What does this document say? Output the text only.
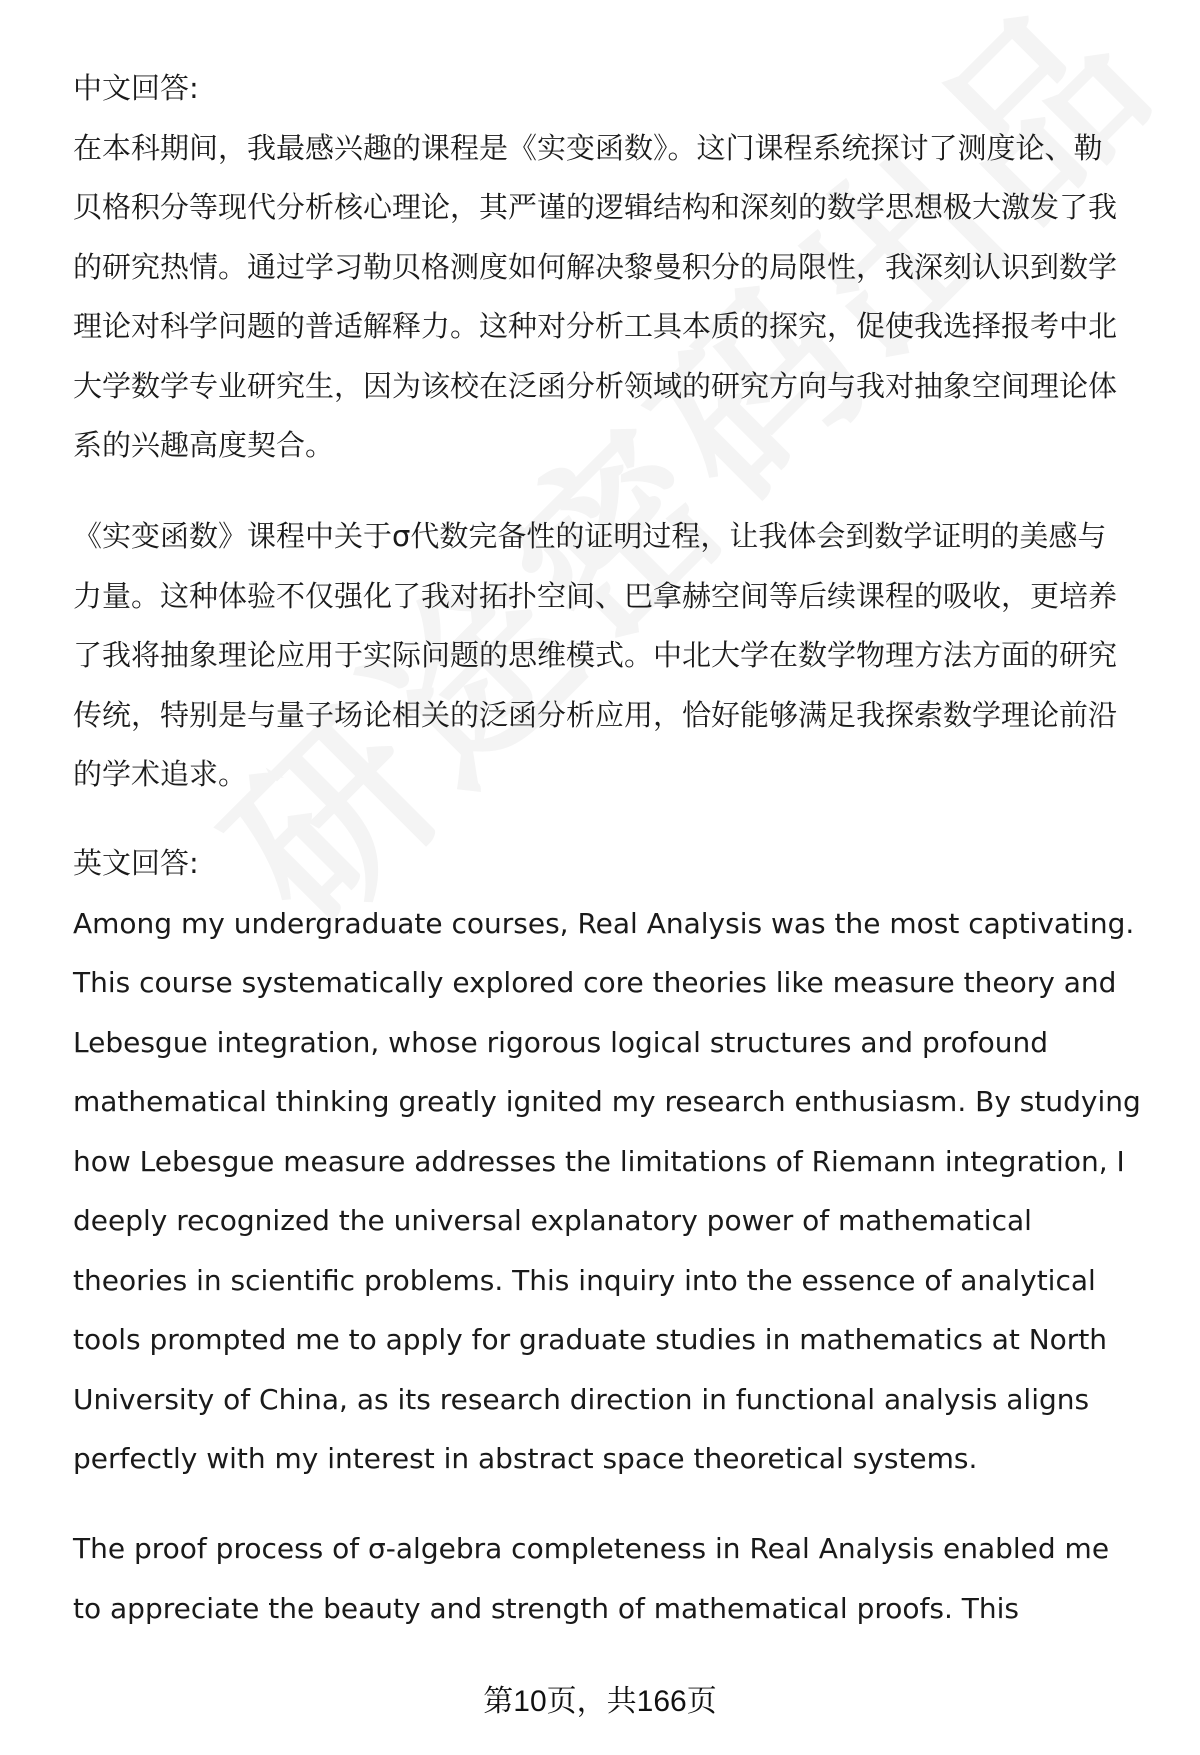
中文回答:
在本科期间，我最感兴趣的课程是《实变函数》。这门课程系统探讨了测度论、勒
贝格积分等现代分析核心理论，其严谨的逻辑结构和深刻的数学思想极大激发了我
的研究热情。通过学习勒贝格测度如何解决黎曼积分的局限性，我深刻认识到数学
理论对科学问题的普适解释力。这种对分析工具本质的探究，促使我选择报考中北
大学数学专业研究生，因为该校在泛函分析领域的研究方向与我对抽象空间理论体
系的兴趣高度契合。
《实变函数》课程中关于σ代数完备性的证明过程，让我体会到数学证明的美感与
力量。这种体验不仅强化了我对拓扑空间、巴拿赫空间等后续课程的吸收，更培养
了我将抽象理论应用于实际问题的思维模式。中北大学在数学物理方法方面的研究
传统，特别是与量子场论相关的泛函分析应用，恰好能够满足我探索数学理论前沿
的学术追求。
英文回答:
Among my undergraduate courses, Real Analysis was the most captivating.
This course systematically explored core theories like measure theory and
Lebesgue integration, whose rigorous logical structures and profound
mathematical thinking greatly ignited my research enthusiasm. By studying
how Lebesgue measure addresses the limitations of Riemann integration, I
deeply recognized the universal explanatory power of mathematical
theories in scientific problems. This inquiry into the essence of analytical
tools prompted me to apply for graduate studies in mathematics at North
University of China, as its research direction in functional analysis aligns
perfectly with my interest in abstract space theoretical systems.
The proof process of σ-algebra completeness in Real Analysis enabled me
to appreciate the beauty and strength of mathematical proofs. This
第10页，共166页
